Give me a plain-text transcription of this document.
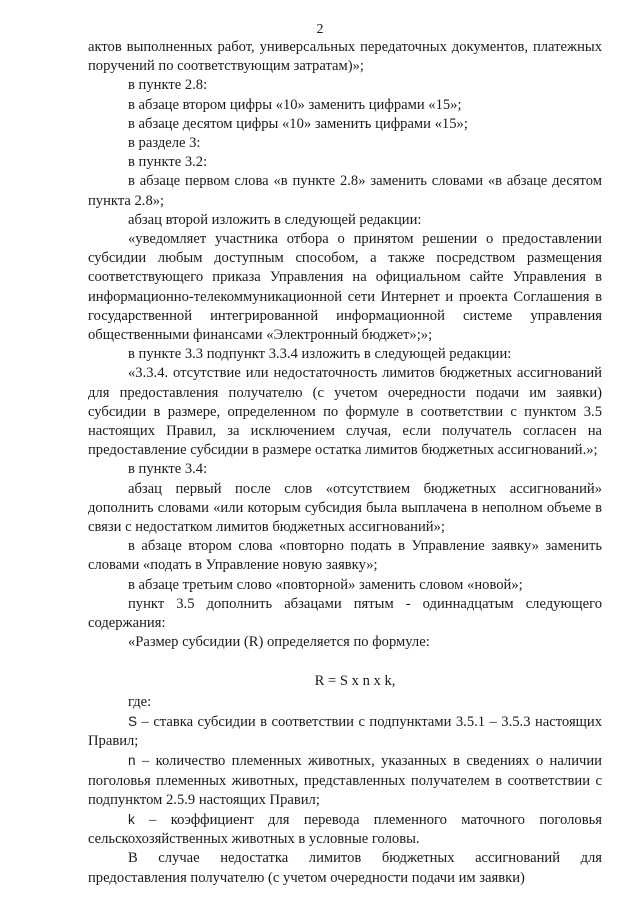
2

актов выполненных работ, универсальных передаточных документов, платежных поручений по соответствующим затратам)»;

в пункте 2.8:

в абзаце втором цифры «10» заменить цифрами «15»;

в абзаце десятом цифры «10» заменить цифрами «15»;

в разделе 3:

в пункте 3.2:

в абзаце первом слова «в пункте 2.8» заменить словами «в абзаце десятом пункта 2.8»;

абзац второй изложить в следующей редакции:

«уведомляет участника отбора о принятом решении о предоставлении субсидии любым доступным способом, а также посредством размещения соответствующего приказа Управления на официальном сайте Управления в информационно-телекоммуникационной сети Интернет и проекта Соглашения в государственной интегрированной информационной системе управления общественными финансами «Электронный бюджет»;»;

в пункте 3.3 подпункт 3.3.4 изложить в следующей редакции:

«3.3.4. отсутствие или недостаточность лимитов бюджетных ассигнований для предоставления получателю (с учетом очередности подачи им заявки) субсидии в размере, определенном по формуле в соответствии с пунктом 3.5 настоящих Правил, за исключением случая, если получатель согласен на предоставление субсидии в размере остатка лимитов бюджетных ассигнований.»;

в пункте 3.4:

абзац первый после слов «отсутствием бюджетных ассигнований» дополнить словами «или которым субсидия была выплачена в неполном объеме в связи с недостатком лимитов бюджетных ассигнований»;

в абзаце втором слова «повторно подать в Управление заявку» заменить словами «подать в Управление новую заявку»;

в абзаце третьим слово «повторной» заменить словом «новой»;

пункт 3.5 дополнить абзацами пятым - одиннадцатым следующего содержания:

«Размер субсидии (R) определяется по формуле:

R = S x n x k,

где:

S – ставка субсидии в соответствии с подпунктами 3.5.1 – 3.5.3 настоящих Правил;

n – количество племенных животных, указанных в сведениях о наличии поголовья племенных животных, представленных получателем в соответствии с подпунктом 2.5.9 настоящих Правил;

k – коэффициент для перевода племенного маточного поголовья сельскохозяйственных животных в условные головы.

В случае недостатка лимитов бюджетных ассигнований для предоставления получателю (с учетом очередности подачи им заявки)
